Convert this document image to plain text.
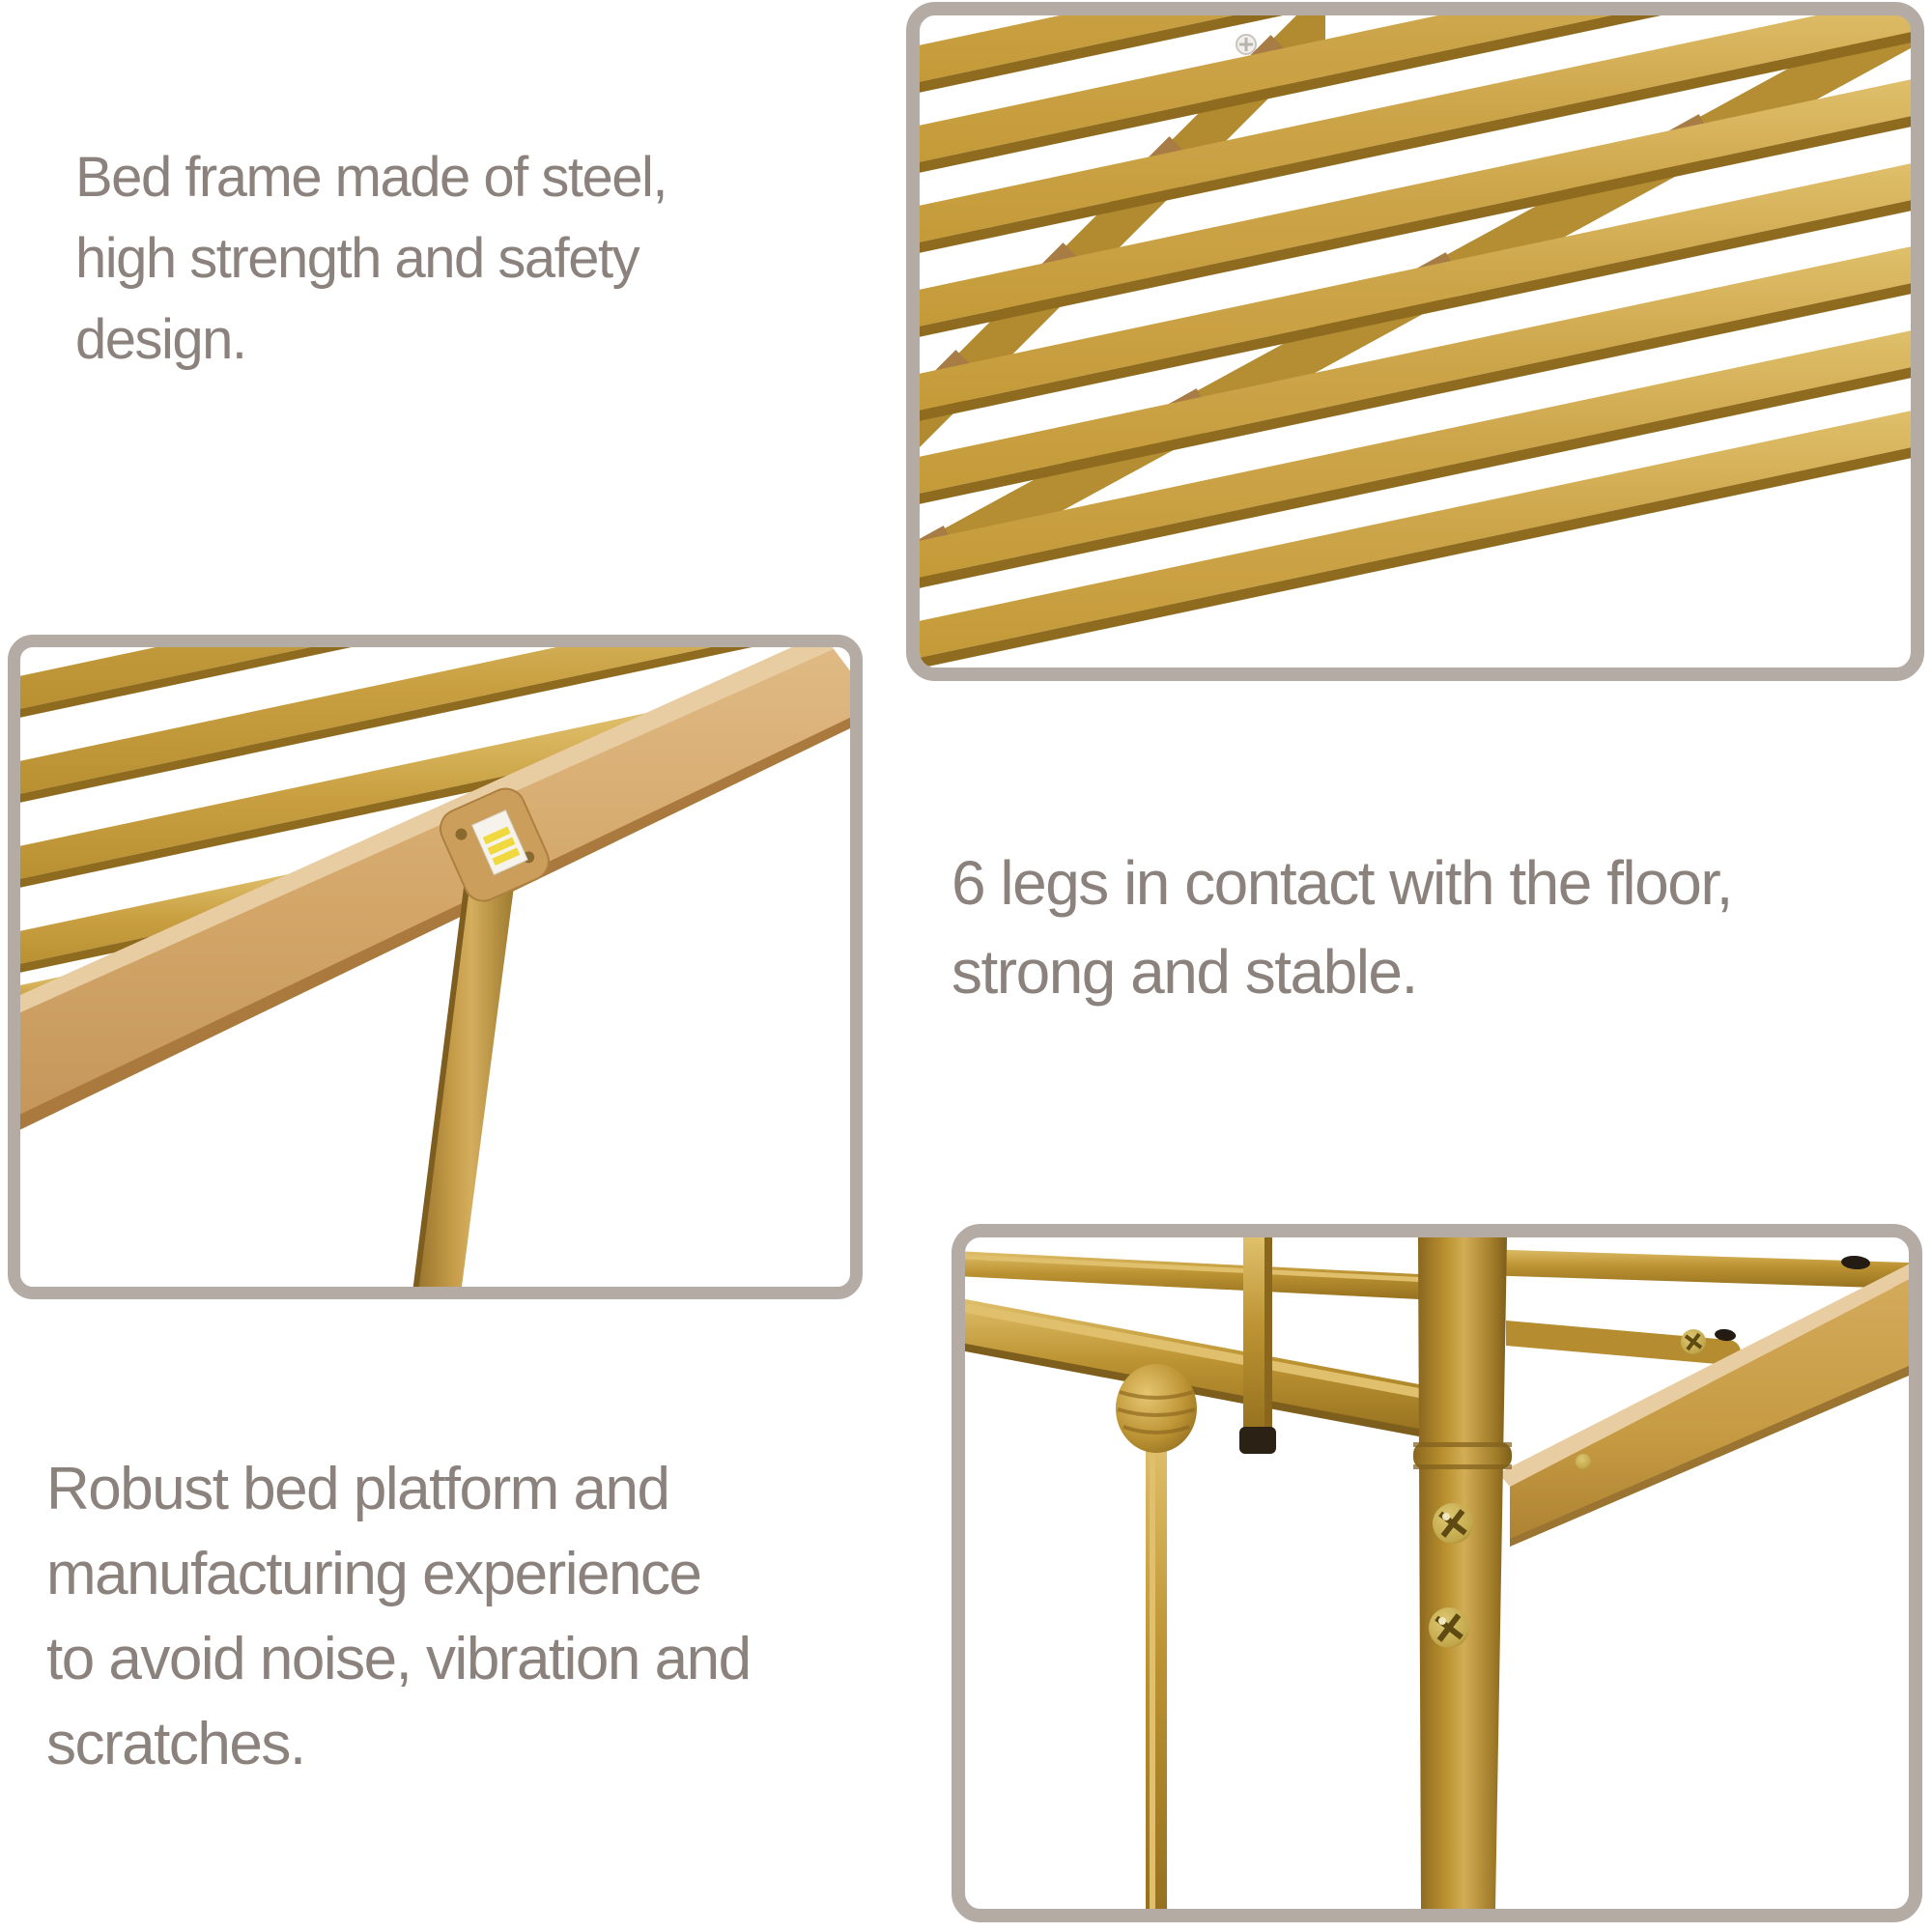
Bed frame made of steel,
high strength and safety
design.
6 legs in contact with the floor,
strong and stable.
Robust bed platform and
manufacturing experience
to avoid noise, vibration and
scratches.
